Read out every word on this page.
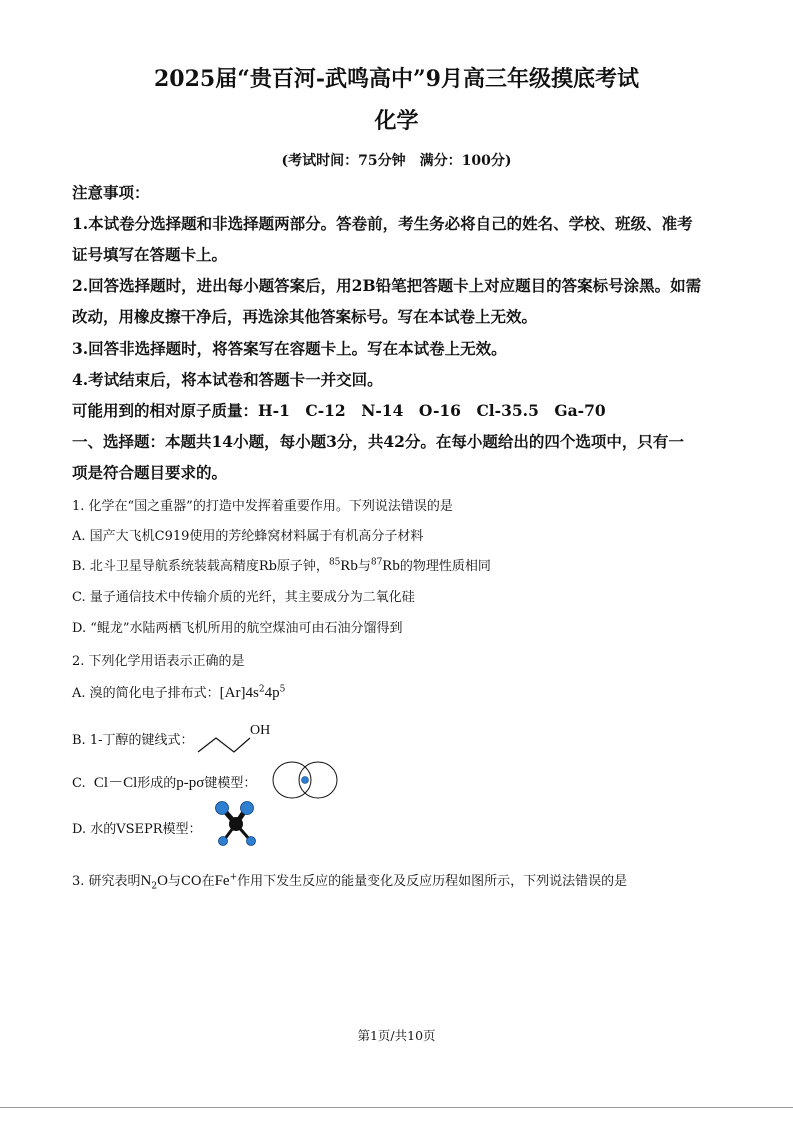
2025届“贵百河-武鸣高中”9月高三年级摸底考试
化学
(考试时间：75分钟　满分：100分)
注意事项：
1.本试卷分选择题和非选择题两部分。答卷前，考生务必将自己的姓名、学校、班级、准考
证号填写在答题卡上。
2.回答选择题时，进出每小题答案后，用2B铅笔把答题卡上对应题目的答案标号涂黑。如需
改动，用橡皮擦干净后，再选涂其他答案标号。写在本试卷上无效。
3.回答非选择题时，将答案写在容题卡上。写在本试卷上无效。
4.考试结束后，将本试卷和答题卡一并交回。
可能用到的相对原子质量：H-1　C-12　N-14　O-16　Cl-35.5　Ga-70
一、选择题：本题共14小题，每小题3分，共42分。在每小题给出的四个选项中，只有一
项是符合题目要求的。
1. 化学在“国之重器”的打造中发挥着重要作用。下列说法错误的是
A. 国产大飞机C919使用的芳纶蜂窝材料属于有机高分子材料
B. 北斗卫星导航系统装载高精度Rb原子钟，$^{85}$Rb与$^{87}$Rb的物理性质相同
C. 量子通信技术中传输介质的光纤，其主要成分为二氧化硅
D. “鲲龙”水陆两栖飞机所用的航空煤油可由石油分馏得到
2. 下列化学用语表示正确的是
A. 溴的简化电子排布式：$[Ar]4s^24p^5$
B. 1-丁醇的键线式：
OH
C. Cl－Cl形成的p-pσ键模型：
D. 水的VSEPR模型：
3. 研究表明$N_2O$与CO在Fe+作用下发生反应的能量变化及反应历程如图所示，下列说法错误的是
第1页/共10页
